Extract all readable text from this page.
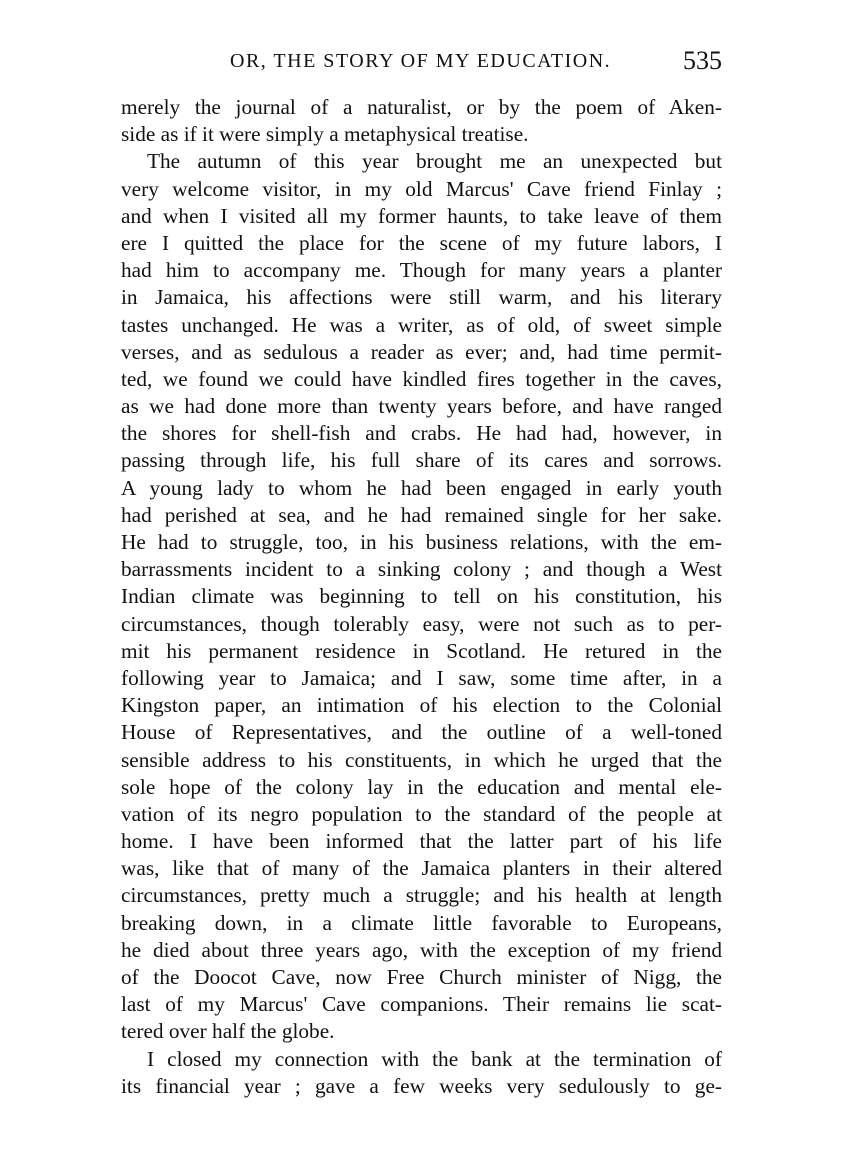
OR, THE STORY OF MY EDUCATION.	535
merely the journal of a naturalist, or by the poem of Aken-
side as if it were simply a metaphysical treatise.
The autumn of this year brought me an unexpected but
very welcome visitor, in my old Marcus' Cave friend Finlay ;
and when I visited all my former haunts, to take leave of them
ere I quitted the place for the scene of my future labors, I
had him to accompany me. Though for many years a planter
in Jamaica, his affections were still warm, and his literary
tastes unchanged. He was a writer, as of old, of sweet simple
verses, and as sedulous a reader as ever; and, had time permit-
ted, we found we could have kindled fires together in the caves,
as we had done more than twenty years before, and have ranged
the shores for shell-fish and crabs. He had had, however, in
passing through life, his full share of its cares and sorrows.
A young lady to whom he had been engaged in early youth
had perished at sea, and he had remained single for her sake.
He had to struggle, too, in his business relations, with the em-
barrassments incident to a sinking colony ; and though a West
Indian climate was beginning to tell on his constitution, his
circumstances, though tolerably easy, were not such as to per-
mit his permanent residence in Scotland. He retured in the
following year to Jamaica; and I saw, some time after, in a
Kingston paper, an intimation of his election to the Colonial
House of Representatives, and the outline of a well-toned
sensible address to his constituents, in which he urged that the
sole hope of the colony lay in the education and mental ele-
vation of its negro population to the standard of the people at
home. I have been informed that the latter part of his life
was, like that of many of the Jamaica planters in their altered
circumstances, pretty much a struggle; and his health at length
breaking down, in a climate little favorable to Europeans,
he died about three years ago, with the exception of my friend
of the Doocot Cave, now Free Church minister of Nigg, the
last of my Marcus' Cave companions. Their remains lie scat-
tered over half the globe.
I closed my connection with the bank at the termination of
its financial year ; gave a few weeks very sedulously to ge-
